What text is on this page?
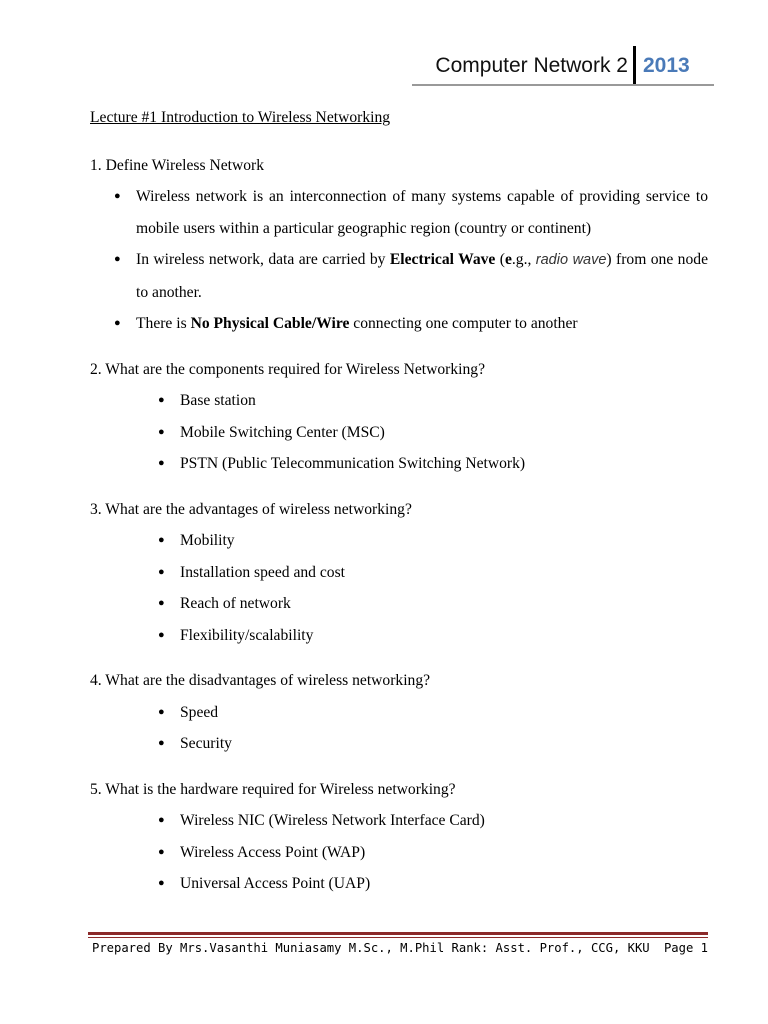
Computer Network 2 2013
Lecture #1 Introduction to Wireless Networking
1. Define Wireless Network
● Wireless network is an interconnection of many systems capable of providing service to mobile users within a particular geographic region (country or continent)
● In wireless network, data are carried by Electrical Wave (e.g., radio wave) from one node to another.
● There is No Physical Cable/Wire connecting one computer to another
2. What are the components required for Wireless Networking?
● Base station
● Mobile Switching Center (MSC)
● PSTN (Public Telecommunication Switching Network)
3. What are the advantages of wireless networking?
● Mobility
● Installation speed and cost
● Reach of network
● Flexibility/scalability
4. What are the disadvantages of wireless networking?
● Speed
● Security
5. What is the hardware required for Wireless networking?
● Wireless NIC (Wireless Network Interface Card)
● Wireless Access Point (WAP)
● Universal Access Point (UAP)
Prepared By Mrs.Vasanthi Muniasamy M.Sc., M.Phil Rank: Asst. Prof., CCG, KKU Page 1
